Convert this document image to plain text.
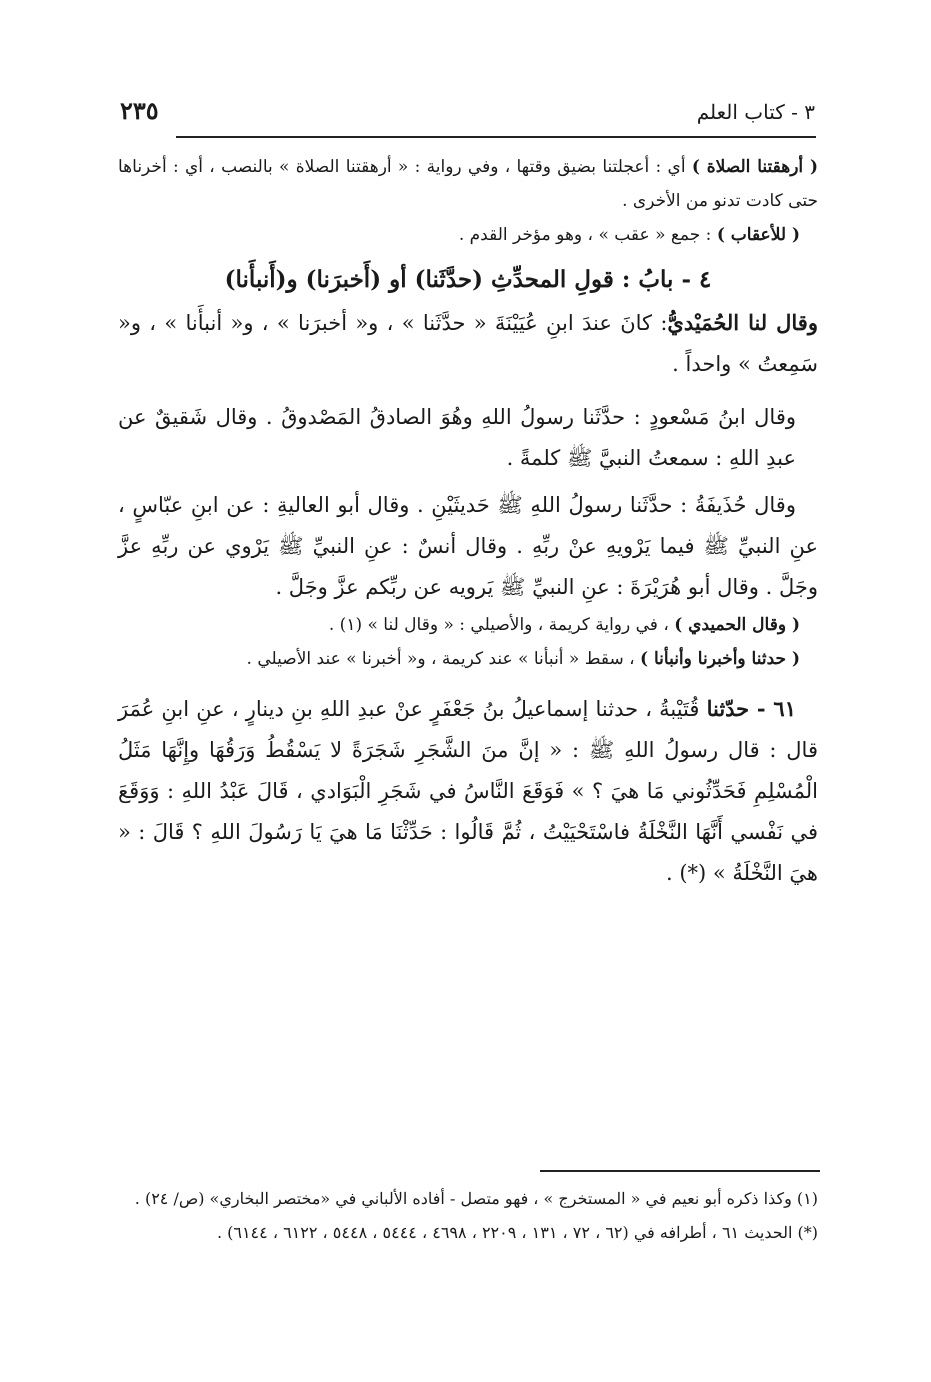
٢٣٥	٣ - كتاب العلم

( أرهقتنا الصلاة ) أي : أعجلتنا بضيق وقتها ، وفي رواية : « أرهقتنا الصلاة » بالنصب ، أي : أخرناها حتى كادت تدنو من الأخرى .

( للأعقاب ) : جمع « عقب » ، وهو مؤخر القدم .

٤ - بابُ : قولِ المحدِّثِ (حدَّثَنا) أو (أَخبرَنا) و(أَنبأَنا)

وقال لنا الحُمَيْديُّ: كانَ عندَ ابنِ عُيَيْنَةَ « حدَّثَنا » ، و« أخبرَنا » ، و« أنبأَنا » ، و« سَمِعتُ » واحداً .

وقال ابنُ مَسْعودٍ : حدَّثَنا رسولُ اللهِ وهُوَ الصادقُ المَصْدوقُ . وقال شَقيقٌ عن عبدِ اللهِ : سمعتُ النبيَّ ﷺ كلمةً .

وقال حُذَيفَةُ : حدَّثَنا رسولُ اللهِ ﷺ حَديثَيْنِ . وقال أبو العاليةِ : عن ابنِ عبّاسٍ ، عنِ النبيِّ ﷺ فيما يَرْويهِ عنْ ربِّهِ . وقال أنسٌ : عنِ النبيِّ ﷺ يَرْوي عن ربِّهِ عزَّ وجَلَّ . وقال أبو هُرَيْرَةَ : عنِ النبيِّ ﷺ يَرويه عن ربِّكم عزَّ وجَلَّ .

( وقال الحميدي ) ، في رواية كريمة ، والأصيلي : « وقال لنا » (١) .

( حدثنا وأخبرنا وأنبأنا ) ، سقط « أنبأنا » عند كريمة ، و« أخبرنا » عند الأصيلي .

٦١ - حدّثنا قُتَيْبةُ ، حدثنا إسماعيلُ بنُ جَعْفَرٍ عنْ عبدِ اللهِ بنِ دينارٍ ، عنِ ابنِ عُمَرَ قال : قال رسولُ اللهِ ﷺ : « إنَّ منَ الشَّجَرِ شَجَرَةً لا يَسْقُطُ وَرَقُهَا وإِنَّهَا مَثَلُ الْمُسْلِمِ فَحَدِّثُوني مَا هيَ ؟ » فَوَقَعَ النَّاسُ في شَجَرِ الْبَوَادي ، قَالَ عَبْدُ اللهِ : وَوَقَعَ في نَفْسي أَنَّهَا النَّخْلَةُ فاسْتَحْيَيْتُ ، ثُمَّ قَالُوا : حَدِّثْنَا مَا هيَ يَا رَسُولَ اللهِ ؟ قَالَ : « هيَ النَّخْلَةُ » (*) .

(١) وكذا ذكره أبو نعيم في « المستخرج » ، فهو متصل - أفاده الألباني في «مختصر البخاري» (ص/ ٢٤) .

(*) الحديث ٦١ ، أطرافه في (٦٢ ، ٧٢ ، ١٣١ ، ٢٢٠٩ ، ٤٦٩٨ ، ٥٤٤٤ ، ٥٤٤٨ ، ٦١٢٢ ، ٦١٤٤) .
